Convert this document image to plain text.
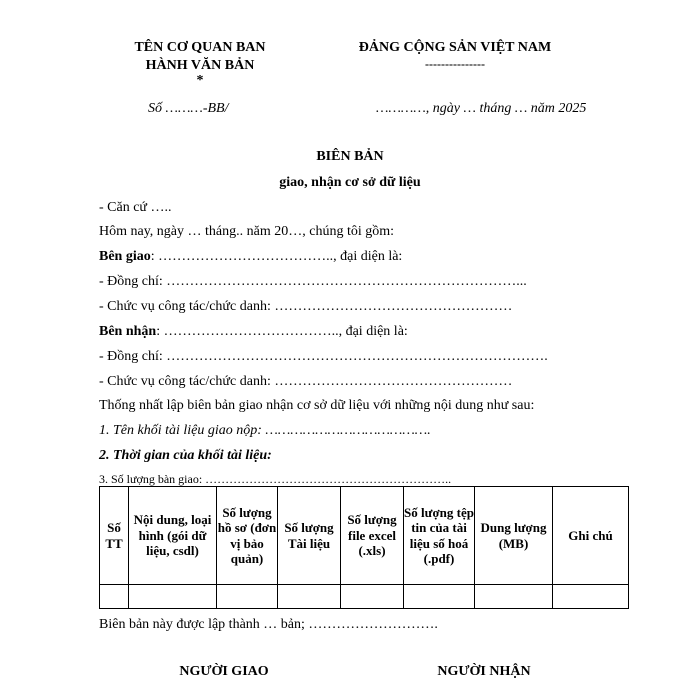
TÊN CƠ QUAN BAN
HÀNH VĂN BẢN
*
ĐẢNG CỘNG SẢN VIỆT NAM
---------------
Số ………-BB/	…………, ngày … tháng … năm 2025
BIÊN BẢN
giao, nhận cơ sở dữ liệu
- Căn cứ …..
Hôm nay, ngày … tháng.. năm 20…, chúng tôi gồm:
Bên giao: ……………………………….., đại diện là:
- Đồng chí: …………………………………………………………………...
- Chức vụ công tác/chức danh: ……………………………………………
Bên nhận: ……………………………….., đại diện là:
- Đồng chí: ……………………………………………………………………….
- Chức vụ công tác/chức danh: ……………………………………………
Thống nhất lập biên bản giao nhận cơ sở dữ liệu với những nội dung như sau:
1. Tên khối tài liệu giao nộp: ………………………………….
2. Thời gian của khối tài liệu:
3. Số lượng bàn giao: ……………………………………………………..
Số TT	Nội dung, loại hình (gói dữ liệu, csdl)	Số lượng hồ sơ (đơn vị bảo quản)	Số lượng Tài liệu	Số lượng file excel (.xls)	Số lượng tệp tin của tài liệu số hoá (.pdf)	Dung lượng (MB)	Ghi chú

Biên bản này được lập thành … bản; ……………………….
NGƯỜI GIAO	NGƯỜI NHẬN
